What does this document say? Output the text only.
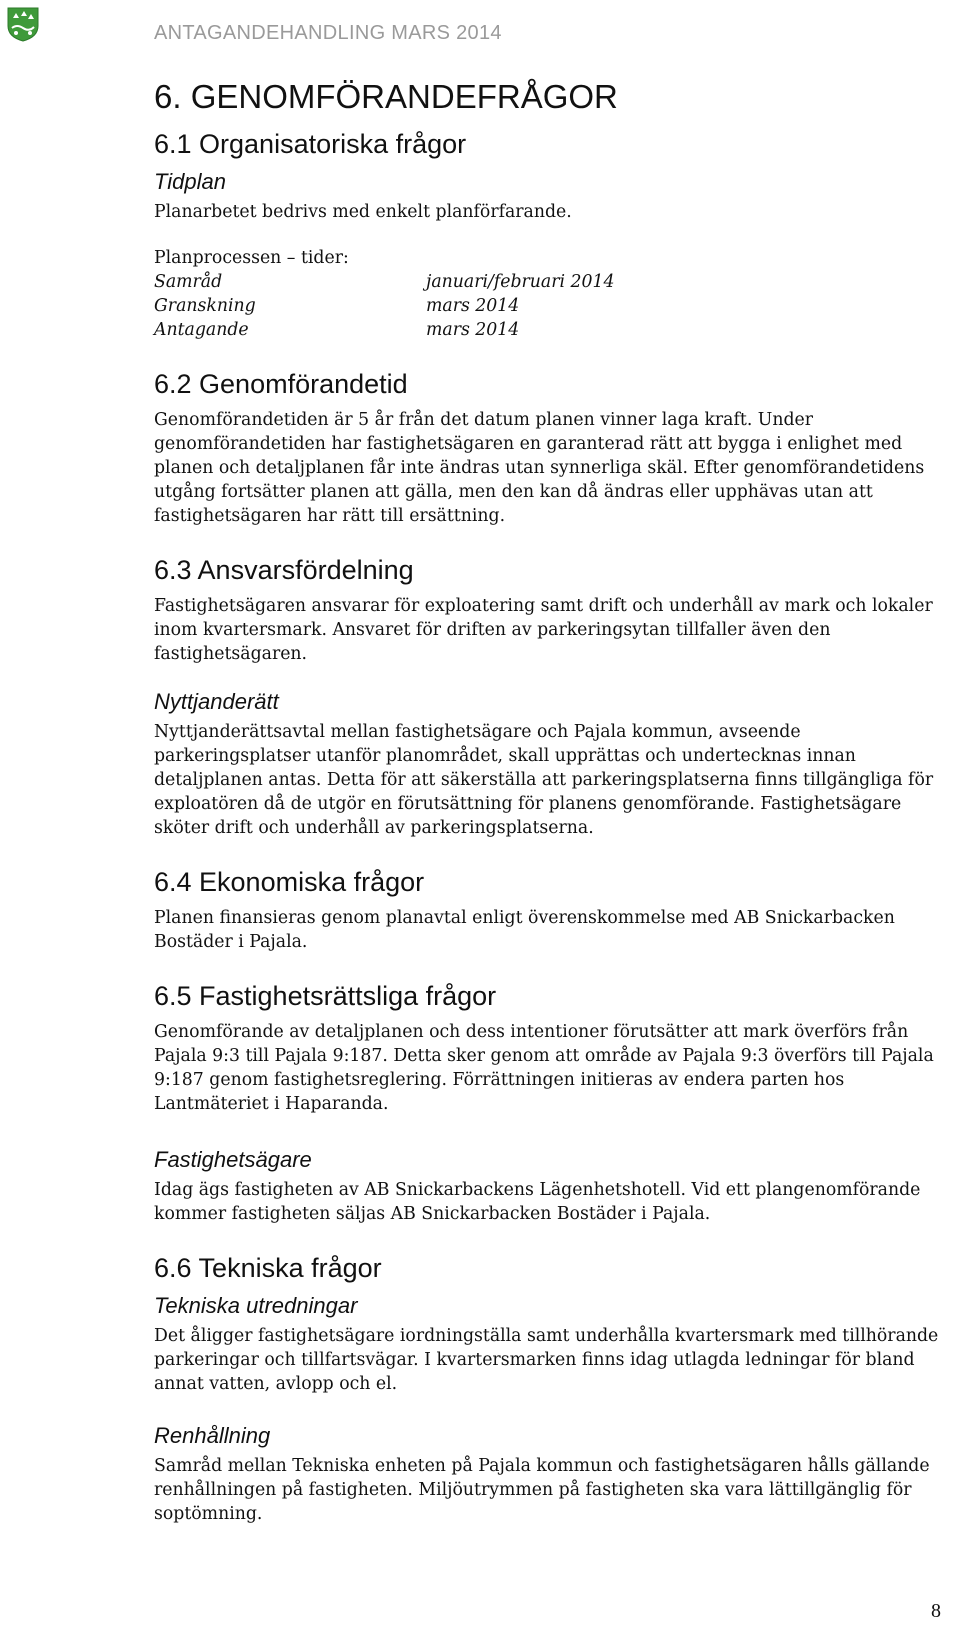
ANTAGANDEHANDLING MARS 2014
6. GENOMFÖRANDEFRÅGOR
6.1 Organisatoriska frågor
Tidplan

Planarbetet bedrivs med enkelt planförfarande.

Planprocessen – tider:

Samråd	januari/februari 2014
Granskning	mars 2014
Antagande	mars 2014
6.2 Genomförandetid

Genomförandetiden är 5 år från det datum planen vinner laga kraft. Under genomförandetiden har fastighetsägaren en garanterad rätt att bygga i enlighet med planen och detaljplanen får inte ändras utan synnerliga skäl. Efter genomförandetidens utgång fortsätter planen att gälla, men den kan då ändras eller upphävas utan att fastighetsägaren har rätt till ersättning.

6.3 Ansvarsfördelning

Fastighetsägaren ansvarar för exploatering samt drift och underhåll av mark och lokaler inom kvartersmark. Ansvaret för driften av parkeringsytan tillfaller även den fastighetsägaren.

Nyttjanderätt

Nyttjanderättsavtal mellan fastighetsägare och Pajala kommun, avseende parkeringsplatser utanför planområdet, skall upprättas och undertecknas innan detaljplanen antas. Detta för att säkerställa att parkeringsplatserna finns tillgängliga för exploatören då de utgör en förutsättning för planens genomförande. Fastighetsägare sköter drift och underhåll av parkeringsplatserna.

6.4 Ekonomiska frågor

Planen finansieras genom planavtal enligt överenskommelse med AB Snickarbacken Bostäder i Pajala.

6.5 Fastighetsrättsliga frågor

Genomförande av detaljplanen och dess intentioner förutsätter att mark överförs från Pajala 9:3 till Pajala 9:187. Detta sker genom att område av Pajala 9:3 överförs till Pajala 9:187 genom fastighetsreglering. Förrättningen initieras av endera parten hos Lantmäteriet i Haparanda.

Fastighetsägare

Idag ägs fastigheten av AB Snickarbackens Lägenhetshotell. Vid ett plangenomförande kommer fastigheten säljas AB Snickarbacken Bostäder i Pajala.

6.6 Tekniska frågor
Tekniska utredningar

Det åligger fastighetsägare iordningställa samt underhålla kvartersmark med tillhörande parkeringar och tillfartsvägar. I kvartersmarken finns idag utlagda ledningar för bland annat vatten, avlopp och el.

Renhållning

Samråd mellan Tekniska enheten på Pajala kommun och fastighetsägaren hålls gällande renhållningen på fastigheten. Miljöutrymmen på fastigheten ska vara lättillgänglig för soptömning.

8
